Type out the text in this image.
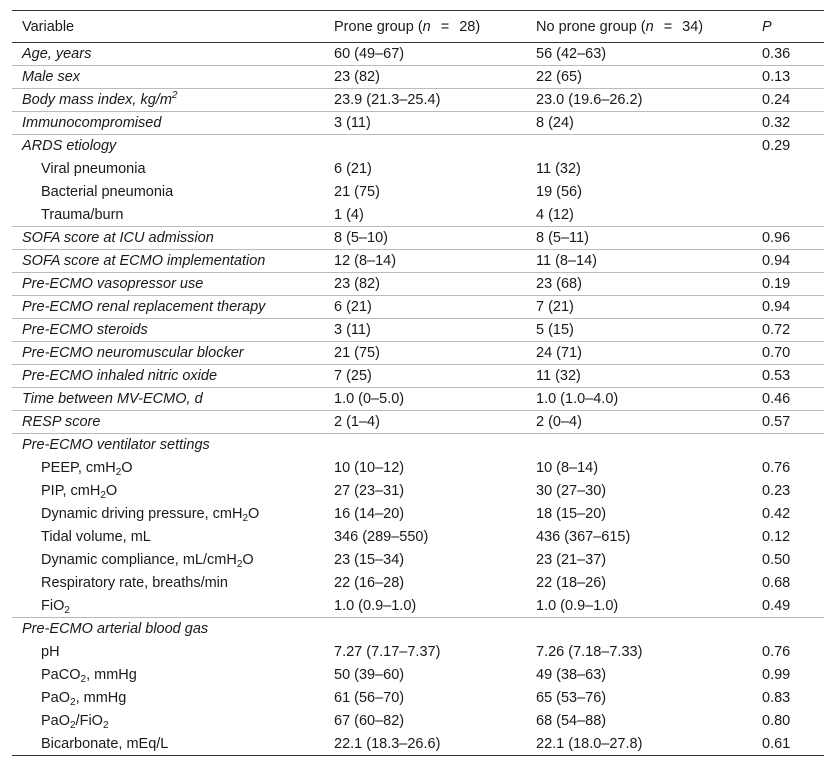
Variable	Prone group (n = 28)	No prone group (n = 34)	P
Age, years	60 (49–67)	56 (42–63)	0.36
Male sex	23 (82)	22 (65)	0.13
Body mass index, $kg/m^2$	23.9 (21.3–25.4)	23.0 (19.6–26.2)	0.24
Immunocompromised	3 (11)	8 (24)	0.32
ARDS etiology			0.29
Viral pneumonia	6 (21)	11 (32)	
Bacterial pneumonia	21 (75)	19 (56)	
Trauma/burn	1 (4)	4 (12)	
SOFA score at ICU admission	8 (5–10)	8 (5–11)	0.96
SOFA score at ECMO implementation	12 (8–14)	11 (8–14)	0.94
Pre-ECMO vasopressor use	23 (82)	23 (68)	0.19
Pre-ECMO renal replacement therapy	6 (21)	7 (21)	0.94
Pre-ECMO steroids	3 (11)	5 (15)	0.72
Pre-ECMO neuromuscular blocker	21 (75)	24 (71)	0.70
Pre-ECMO inhaled nitric oxide	7 (25)	11 (32)	0.53
Time between MV-ECMO, d	1.0 (0–5.0)	1.0 (1.0–4.0)	0.46
RESP score	2 (1–4)	2 (0–4)	0.57
Pre-ECMO ventilator settings			
PEEP, cmH$_2$O	10 (10–12)	10 (8–14)	0.76
PIP, cmH$_2$O	27 (23–31)	30 (27–30)	0.23
Dynamic driving pressure, cmH$_2$O	16 (14–20)	18 (15–20)	0.42
Tidal volume, mL	346 (289–550)	436 (367–615)	0.12
Dynamic compliance, mL/cmH$_2$O	23 (15–34)	23 (21–37)	0.50
Respiratory rate, breaths/min	22 (16–28)	22 (18–26)	0.68
FiO$_2$	1.0 (0.9–1.0)	1.0 (0.9–1.0)	0.49
Pre-ECMO arterial blood gas			
pH	7.27 (7.17–7.37)	7.26 (7.18–7.33)	0.76
PaCO$_2$, mmHg	50 (39–60)	49 (38–63)	0.99
PaO$_2$, mmHg	61 (56–70)	65 (53–76)	0.83
PaO$_2$/FiO$_2$	67 (60–82)	68 (54–88)	0.80
Bicarbonate, mEq/L	22.1 (18.3–26.6)	22.1 (18.0–27.8)	0.61
